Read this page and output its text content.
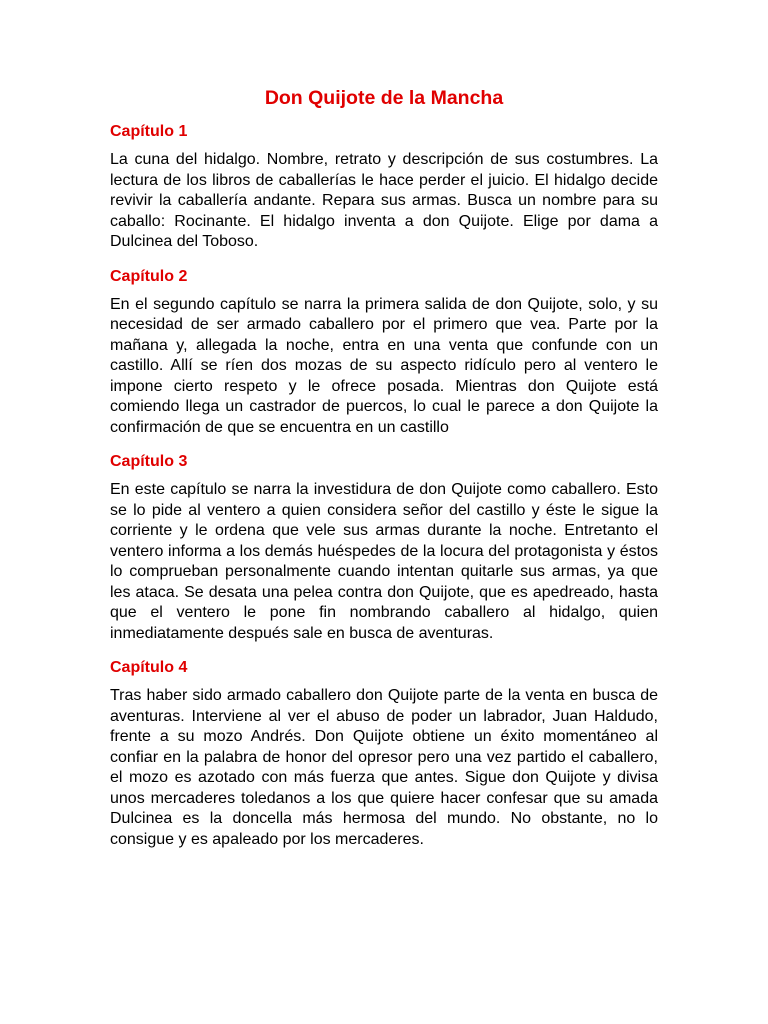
Don Quijote de la Mancha
Capítulo 1

La cuna del hidalgo. Nombre, retrato y descripción de sus costumbres. La lectura de los libros de caballerías le hace perder el juicio. El hidalgo decide revivir la caballería andante. Repara sus armas. Busca un nombre para su caballo: Rocinante. El hidalgo inventa a don Quijote. Elige por dama a Dulcinea del Toboso.

Capítulo 2

En el segundo capítulo se narra la primera salida de don Quijote, solo, y su necesidad de ser armado caballero por el primero que vea. Parte por la mañana y, allegada la noche, entra en una venta que confunde con un castillo. Allí se ríen dos mozas de su aspecto ridículo pero al ventero le impone cierto respeto y le ofrece posada. Mientras don Quijote está comiendo llega un castrador de puercos, lo cual le parece a don Quijote la confirmación de que se encuentra en un castillo

Capítulo 3

En este capítulo se narra la investidura de don Quijote como caballero. Esto se lo pide al ventero a quien considera señor del castillo y éste le sigue la corriente y le ordena que vele sus armas durante la noche. Entretanto el ventero informa a los demás huéspedes de la locura del protagonista y éstos lo comprueban personalmente cuando intentan quitarle sus armas, ya que les ataca. Se desata una pelea contra don Quijote, que es apedreado, hasta que el ventero le pone fin nombrando caballero al hidalgo, quien inmediatamente después sale en busca de aventuras.

Capítulo 4

Tras haber sido armado caballero don Quijote parte de la venta en busca de aventuras. Interviene al ver el abuso de poder un labrador, Juan Haldudo, frente a su mozo Andrés. Don Quijote obtiene un éxito momentáneo al confiar en la palabra de honor del opresor pero una vez partido el caballero, el mozo es azotado con más fuerza que antes. Sigue don Quijote y divisa unos mercaderes toledanos a los que quiere hacer confesar que su amada Dulcinea es la doncella más hermosa del mundo. No obstante, no lo consigue y es apaleado por los mercaderes.
